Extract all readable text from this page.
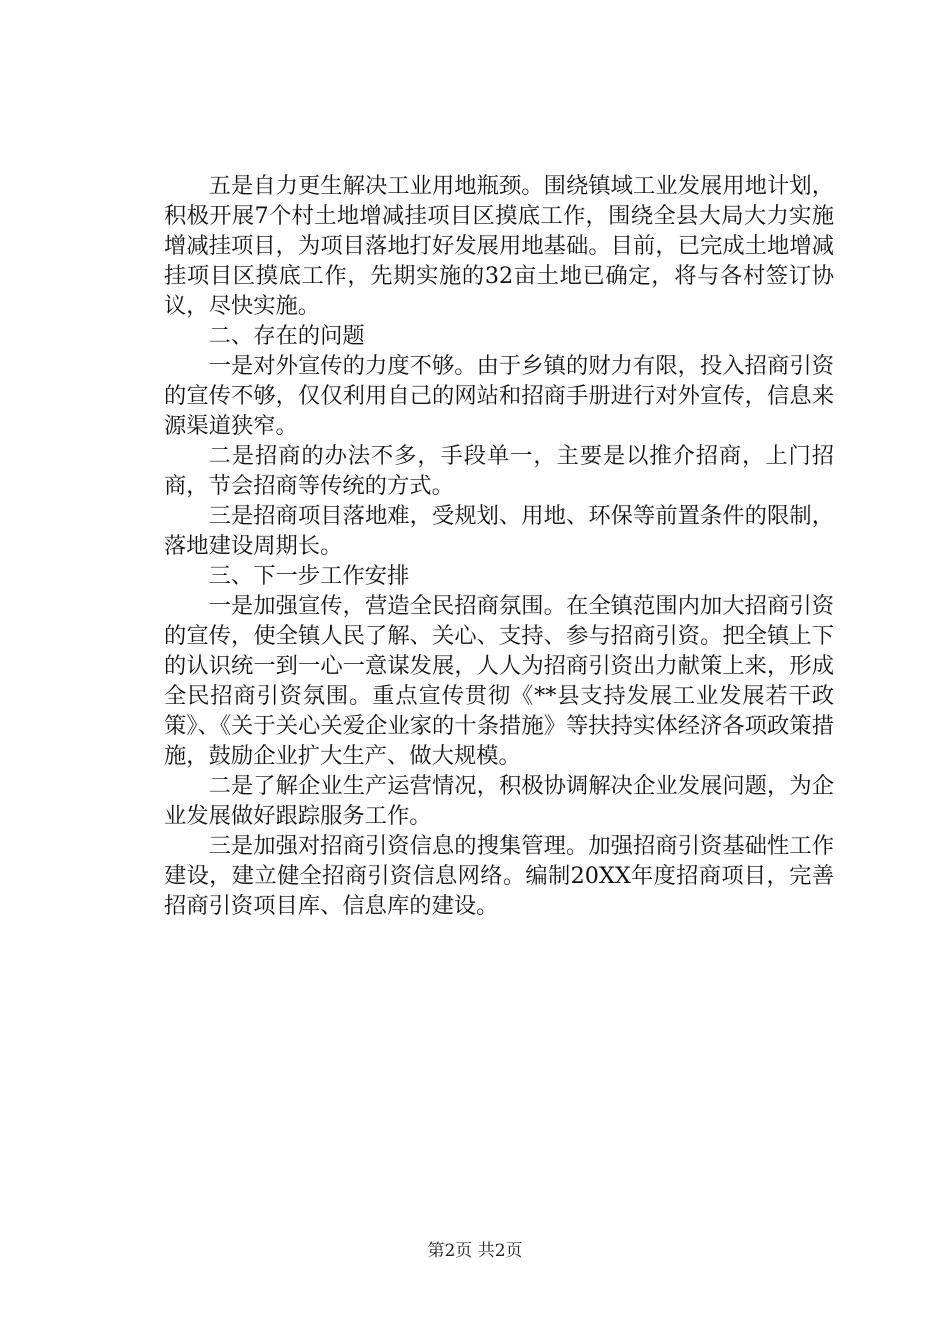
五是自力更生解决工业用地瓶颈。围绕镇域工业发展用地计划，积极开展7个村土地增减挂项目区摸底工作，围绕全县大局大力实施增减挂项目，为项目落地打好发展用地基础。目前，已完成土地增减挂项目区摸底工作，先期实施的32亩土地已确定，将与各村签订协议，尽快实施。

二、存在的问题

一是对外宣传的力度不够。由于乡镇的财力有限，投入招商引资的宣传不够，仅仅利用自己的网站和招商手册进行对外宣传，信息来源渠道狭窄。

二是招商的办法不多，手段单一，主要是以推介招商，上门招商，节会招商等传统的方式。

三是招商项目落地难，受规划、用地、环保等前置条件的限制，落地建设周期长。

三、下一步工作安排

一是加强宣传，营造全民招商氛围。在全镇范围内加大招商引资的宣传，使全镇人民了解、关心、支持、参与招商引资。把全镇上下的认识统一到一心一意谋发展，人人为招商引资出力献策上来，形成全民招商引资氛围。重点宣传贯彻《**县支持发展工业发展若干政策》、《关于关心关爱企业家的十条措施》等扶持实体经济各项政策措施，鼓励企业扩大生产、做大规模。

二是了解企业生产运营情况，积极协调解决企业发展问题，为企业发展做好跟踪服务工作。

三是加强对招商引资信息的搜集管理。加强招商引资基础性工作建设，建立健全招商引资信息网络。编制20XX年度招商项目，完善招商引资项目库、信息库的建设。

第2页 共2页
